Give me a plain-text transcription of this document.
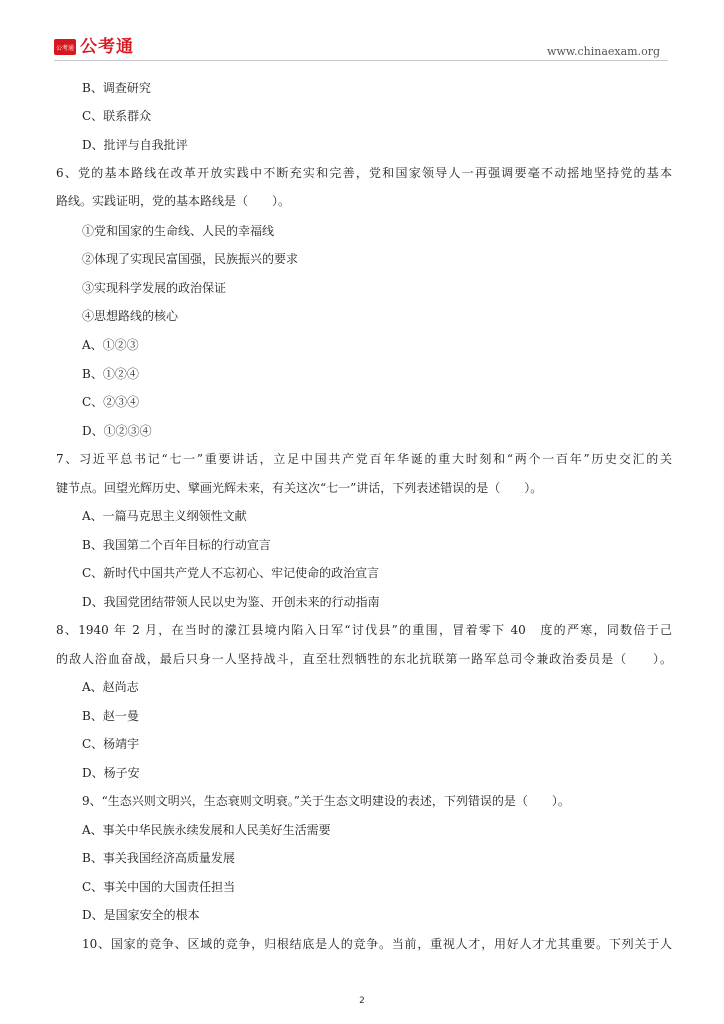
公考通 公考通	www.chinaexam.org
B、调查研究
C、联系群众
D、批评与自我批评
6、党的基本路线在改革开放实践中不断充实和完善，党和国家领导人一再强调要毫不动摇地坚持党的基本
路线。实践证明，党的基本路线是（　　）。
①党和国家的生命线、人民的幸福线
②体现了实现民富国强，民族振兴的要求
③实现科学发展的政治保证
④思想路线的核心
A、①②③
B、①②④
C、②③④
D、①②③④
7、习近平总书记“七一”重要讲话，立足中国共产党百年华诞的重大时刻和“两个一百年”历史交汇的关
键节点。回望光辉历史、擘画光辉未来，有关这次“七一”讲话，下列表述错误的是（　　）。
A、一篇马克思主义纲领性文献
B、我国第二个百年目标的行动宣言
C、新时代中国共产党人不忘初心、牢记使命的政治宣言
D、我国党团结带领人民以史为鉴、开创未来的行动指南
8、1940 年 2 月，在当时的濛江县境内陷入日军“讨伐县”的重围，冒着零下 40　度的严寒，同数倍于己
的敌人浴血奋战，最后只身一人坚持战斗，直至壮烈牺牲的东北抗联第一路军总司令兼政治委员是（　　）。
A、赵尚志
B、赵一曼
C、杨靖宇
D、杨子安
9、“生态兴则文明兴，生态衰则文明衰。”关于生态文明建设的表述，下列错误的是（　　）。
A、事关中华民族永续发展和人民美好生活需要
B、事关我国经济高质量发展
C、事关中国的大国责任担当
D、是国家安全的根本
10、国家的竞争、区域的竞争，归根结底是人的竞争。当前，重视人才，用好人才尤其重要。下列关于人
2
